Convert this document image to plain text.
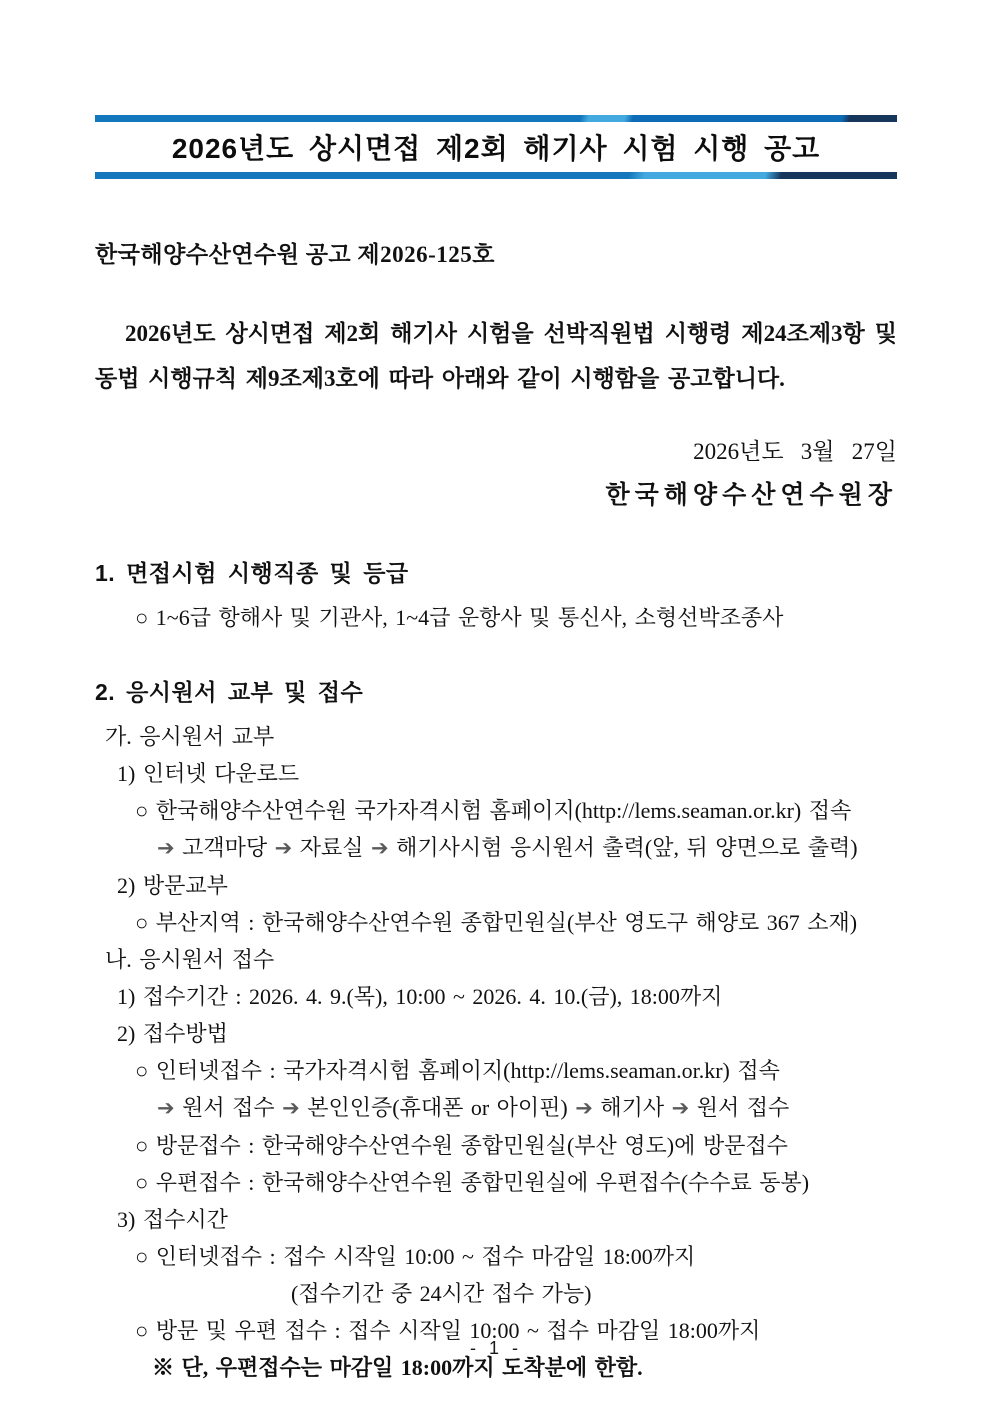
2026년도 상시면접 제2회 해기사 시험 시행 공고
한국해양수산연수원 공고 제2026-125호
2026년도 상시면접 제2회 해기사 시험을 선박직원법 시행령 제24조제3항 및 동법 시행규칙 제9조제3호에 따라 아래와 같이 시행함을 공고합니다.
2026년도   3월   27일
한국해양수산연수원장
1. 면접시험 시행직종 및 등급
○ 1~6급 항해사 및 기관사, 1~4급 운항사 및 통신사, 소형선박조종사
2. 응시원서 교부 및 접수
가. 응시원서 교부
1) 인터넷 다운로드
○ 한국해양수산연수원 국가자격시험 홈페이지(http://lems.seaman.or.kr) 접속
➔ 고객마당 ➔ 자료실 ➔ 해기사시험 응시원서 출력(앞, 뒤 양면으로 출력)
2) 방문교부
○ 부산지역 : 한국해양수산연수원 종합민원실(부산 영도구 해양로 367 소재)
나. 응시원서 접수
1) 접수기간 : 2026. 4. 9.(목), 10:00 ~ 2026. 4. 10.(금), 18:00까지
2) 접수방법
○ 인터넷접수 : 국가자격시험 홈페이지(http://lems.seaman.or.kr) 접속
➔ 원서 접수 ➔ 본인인증(휴대폰 or 아이핀) ➔ 해기사 ➔ 원서 접수
○ 방문접수 : 한국해양수산연수원 종합민원실(부산 영도)에 방문접수
○ 우편접수 : 한국해양수산연수원 종합민원실에 우편접수(수수료 동봉)
3) 접수시간
○ 인터넷접수 : 접수 시작일 10:00 ~ 접수 마감일 18:00까지
(접수기간 중 24시간 접수 가능)
○ 방문 및 우편 접수 : 접수 시작일 10:00 ~ 접수 마감일 18:00까지
※ 단, 우편접수는 마감일 18:00까지 도착분에 한함.
- 1 -
